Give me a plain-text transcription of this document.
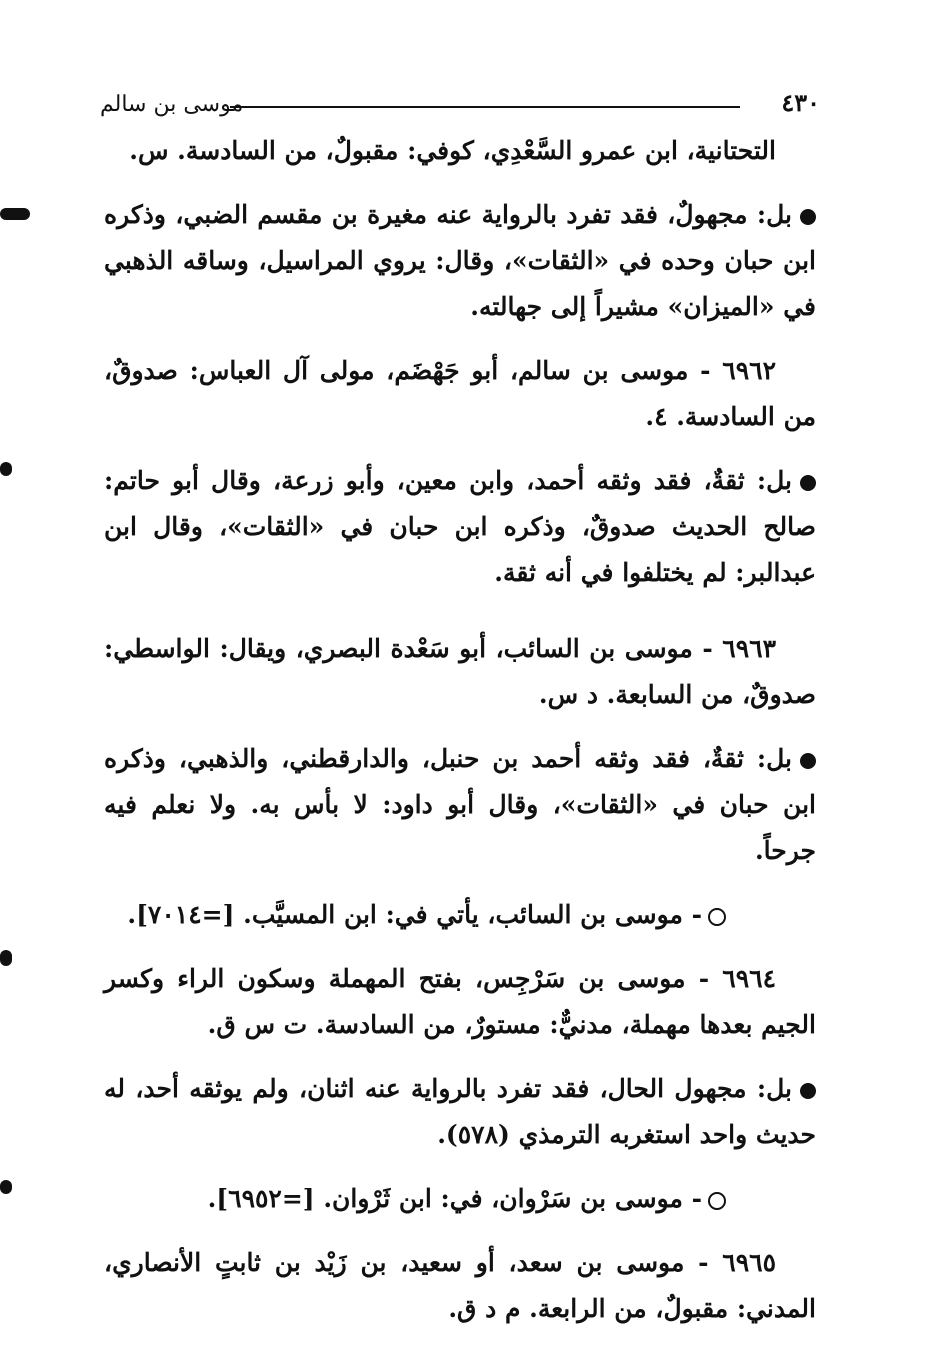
٤٣٠
موسى بن سالم

التحتانية، ابن عمرو السَّعْدِي، كوفي: مقبولٌ، من السادسة. س.

بل: مجهولٌ، فقد تفرد بالرواية عنه مغيرة بن مقسم الضبي، وذكره ابن حبان وحده في «الثقات»، وقال: يروي المراسيل، وساقه الذهبي في «الميزان» مشيراً إلى جهالته.

٦٩٦٢ - موسى بن سالم، أبو جَهْضَم، مولى آل العباس: صدوقٌ، من السادسة. ٤.

بل: ثقةٌ، فقد وثقه أحمد، وابن معين، وأبو زرعة، وقال أبو حاتم: صالح الحديث صدوقٌ، وذكره ابن حبان في «الثقات»، وقال ابن عبدالبر: لم يختلفوا في أنه ثقة.

٦٩٦٣ - موسى بن السائب، أبو سَعْدة البصري، ويقال: الواسطي: صدوقٌ، من السابعة. د س.

بل: ثقةٌ، فقد وثقه أحمد بن حنبل، والدارقطني، والذهبي، وذكره ابن حبان في «الثقات»، وقال أبو داود: لا بأس به. ولا نعلم فيه جرحاً.

- موسى بن السائب، يأتي في: ابن المسيَّب. [=٧٠١٤].

٦٩٦٤ - موسى بن سَرْجِس، بفتح المهملة وسكون الراء وكسر الجيم بعدها مهملة، مدنيٌّ: مستورٌ، من السادسة. ت س ق.

بل: مجهول الحال، فقد تفرد بالرواية عنه اثنان، ولم يوثقه أحد، له حديث واحد استغربه الترمذي (٥٧٨).

- موسى بن سَرْوان، في: ابن ثَرْوان. [=٦٩٥٢].

٦٩٦٥ - موسى بن سعد، أو سعيد، بن زَيْد بن ثابتٍ الأنصاري، المدني: مقبولٌ، من الرابعة. م د ق.
